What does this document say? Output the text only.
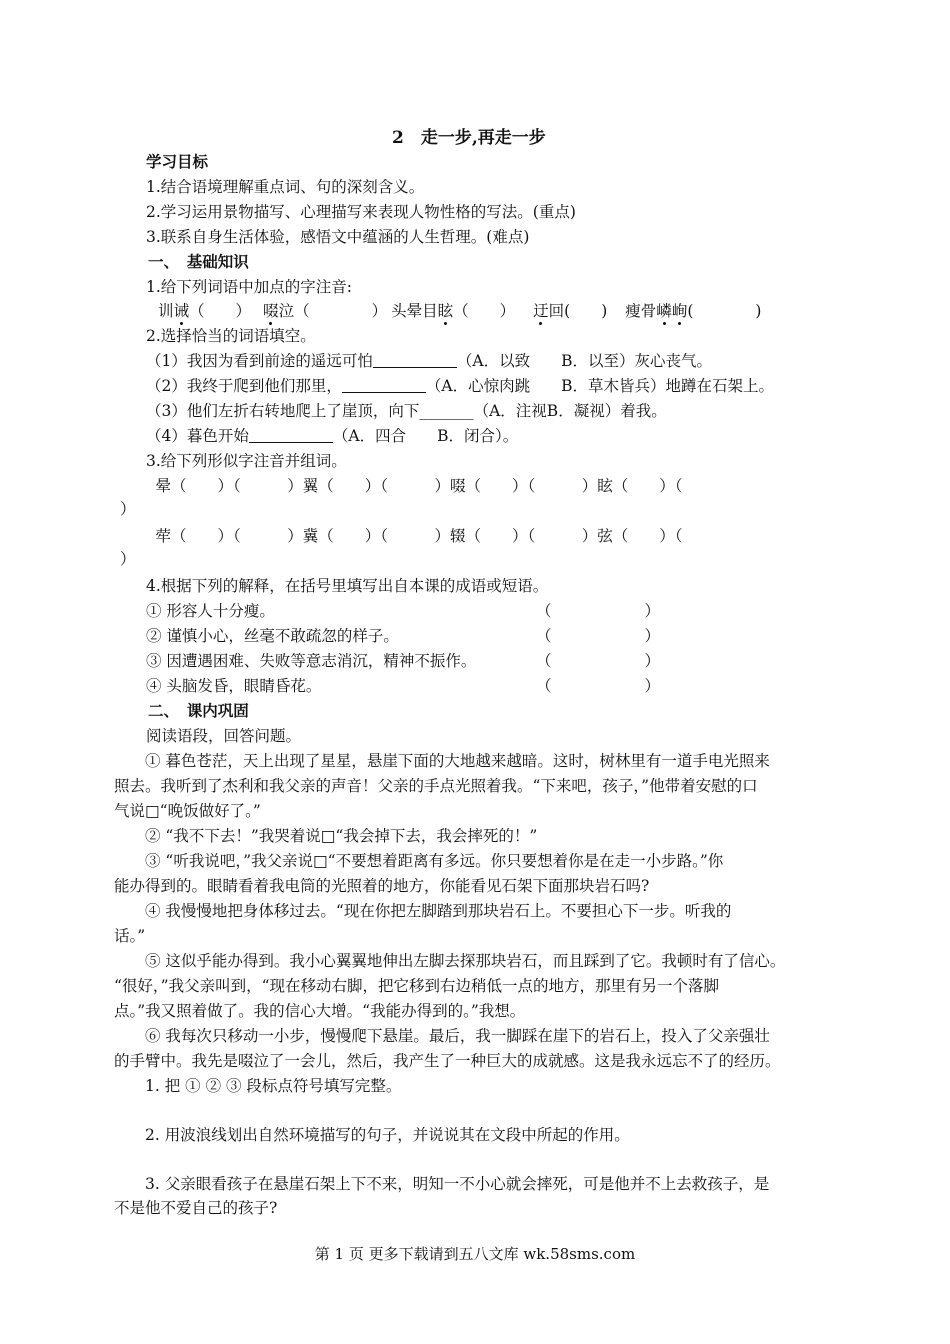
2　走一步,再走一步
学习目标
1.结合语境理解重点词、句的深刻含义。
2.学习运用景物描写、心理描写来表现人物性格的写法。(重点)
3.联系自身生活体验，感悟文中蕴涵的人生哲理。(难点)
一、　基础知识
1.给下列词语中加点的字注音:
训诫（　　） 啜泣（　　　　） 头晕目眩（　　） 迂回(　　) 瘦骨嶙峋(　　　　)
2.选择恰当的词语填空。
（1）我因为看到前途的遥远可怕	（A．以致　　B．以至）灰心丧气。
（2）我终于爬到他们那里，	（A．心惊肉跳　　B．草木皆兵）地蹲在石架上。
（3）他们左折右转地爬上了崖顶，向下_______（A．注视B．凝视）着我。
（4）暮色开始	（A．四合　　B．闭合）。
3.给下列形似字注音并组词。
　晕（　　）（　　　）翼（　　）（　　　）啜（　　）（　　　）眩（　　）（
）
　荦（　　）（　　　）冀（　　）（　　　）辍（　　）（　　　）弦（　　）（
）
4.根据下列的解释，在括号里填写出自本课的成语或短语。
① 形容人十分瘦。	（　　　　　　）
② 谨慎小心，丝毫不敢疏忽的样子。	（　　　　　　）
③ 因遭遇困难、失败等意志消沉，精神不振作。	（　　　　　　）
④ 头脑发昏，眼睛昏花。	（　　　　　　）
二、　课内巩固
阅读语段，回答问题。
　　① 暮色苍茫，天上出现了星星，悬崖下面的大地越来越暗。这时，树林里有一道手电光照来
照去。我听到了杰利和我父亲的声音！父亲的手点光照着我。“下来吧，孩子，”他带着安慰的口
气说□“晚饭做好了。”
　　② “我不下去！”我哭着说□“我会掉下去，我会摔死的！”
　　③ “听我说吧，”我父亲说□“不要想着距离有多远。你只要想着你是在走一小步路。”你
能办得到的。眼睛看着我电筒的光照着的地方，你能看见石架下面那块岩石吗?
　　④ 我慢慢地把身体移过去。“现在你把左脚踏到那块岩石上。不要担心下一步。听我的
话。”
　　⑤ 这似乎能办得到。我小心翼翼地伸出左脚去探那块岩石，而且踩到了它。我顿时有了信心。
“很好，”我父亲叫到，“现在移动右脚，把它移到右边稍低一点的地方，那里有另一个落脚
点。”我又照着做了。我的信心大增。“我能办得到的。”我想。
　　⑥ 我每次只移动一小步，慢慢爬下悬崖。最后，我一脚踩在崖下的岩石上，投入了父亲强壮
的手臂中。我先是啜泣了一会儿，然后，我产生了一种巨大的成就感。这是我永远忘不了的经历。
　　1. 把 ① ② ③ 段标点符号填写完整。
　　2. 用波浪线划出自然环境描写的句子，并说说其在文段中所起的作用。
　　3. 父亲眼看孩子在悬崖石架上下不来，明知一不小心就会摔死，可是他并不上去救孩子，是
不是他不爱自己的孩子?
第 1 页 更多下载请到五八文库 wk.58sms.com
